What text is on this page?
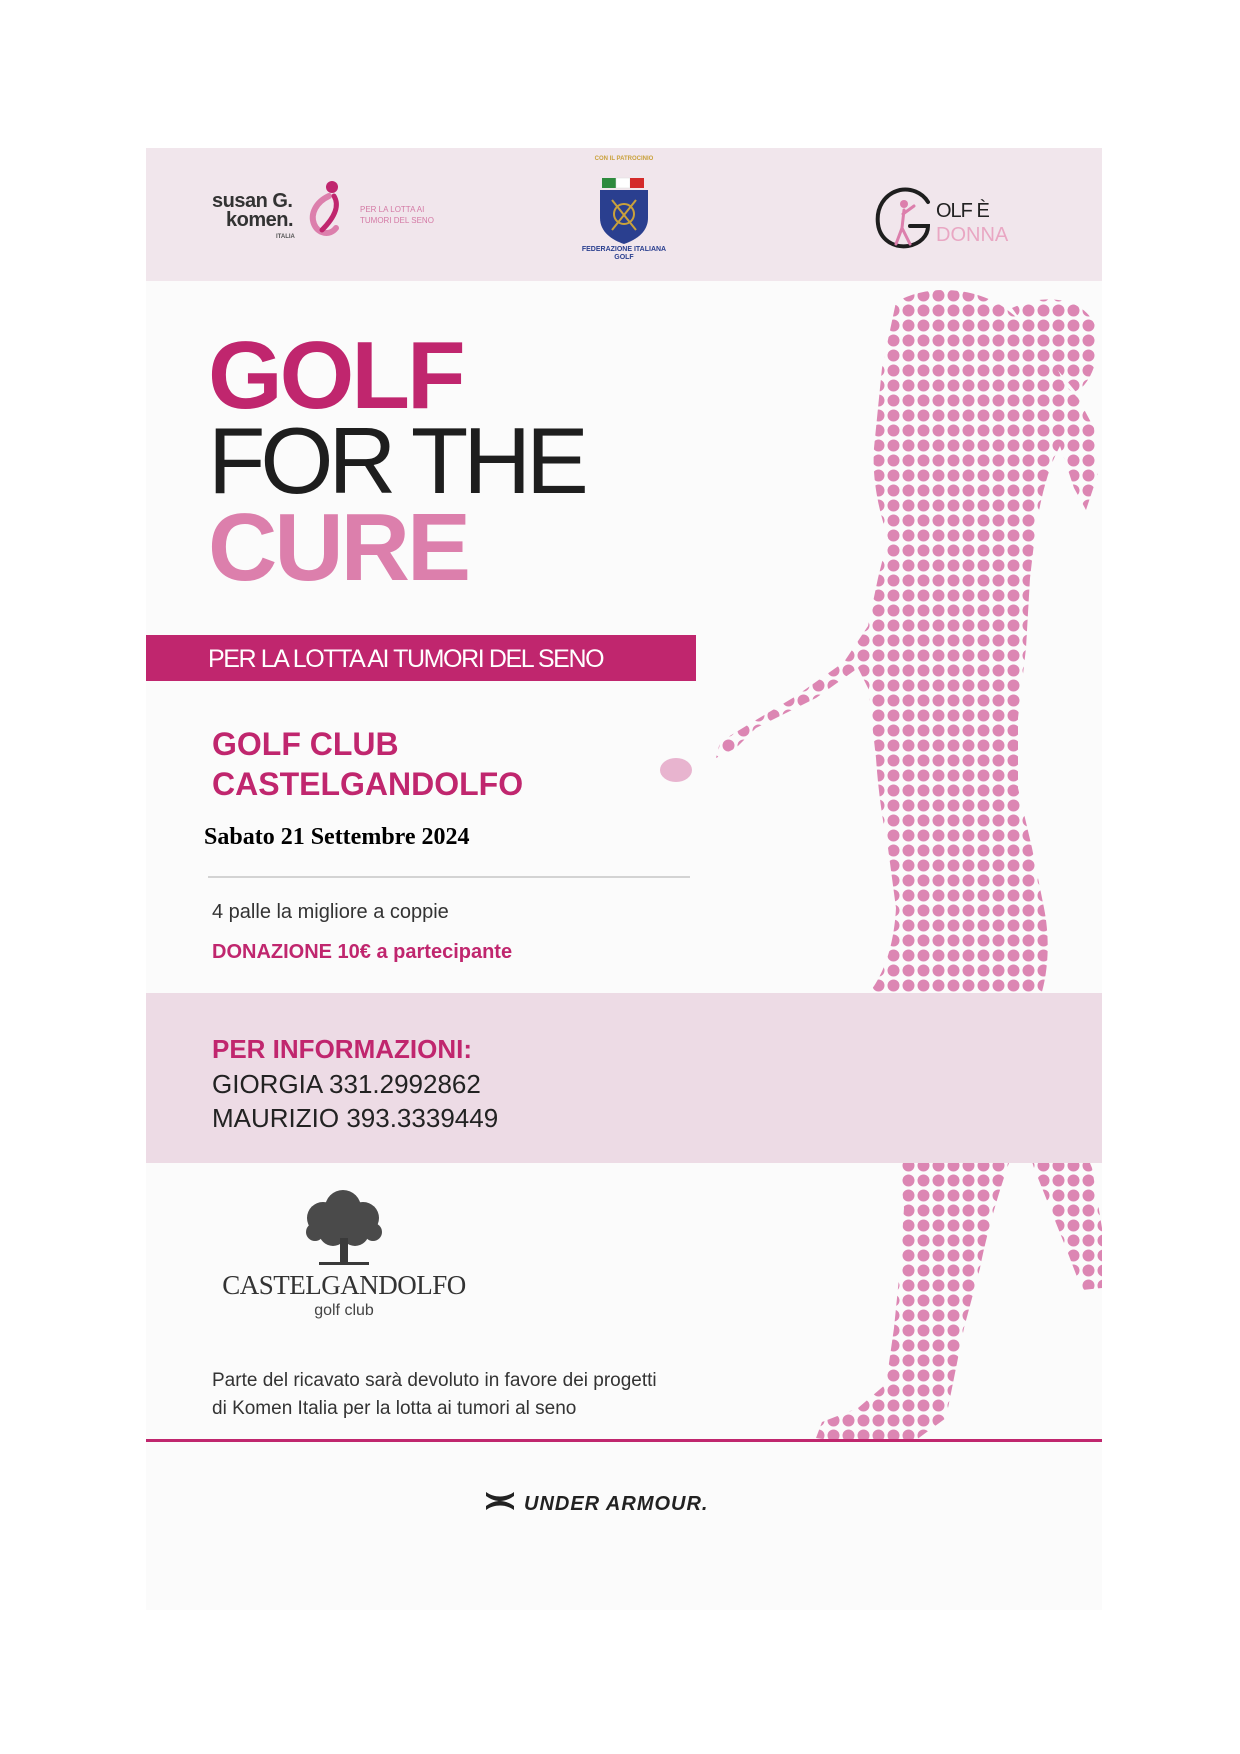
susan G.
komen.
ITALIA
PER LA LOTTA AI TUMORI DEL SENO
CON IL PATROCINIO
FEDERAZIONE ITALIANA GOLF
OLF È
DONNA
GOLF
FOR THE
CURE
PER LA LOTTA AI TUMORI DEL SENO
GOLF CLUB
CASTELGANDOLFO
Sabato 21 Settembre 2024
4 palle la migliore a coppie
DONAZIONE 10€ a partecipante
PER INFORMAZIONI:
GIORGIA 331.2992862
MAURIZIO 393.3339449
CASTELGANDOLFO
golf club
Parte del ricavato sarà devoluto in favore dei progetti
di Komen Italia per la lotta ai tumori al seno
UNDER ARMOUR.
